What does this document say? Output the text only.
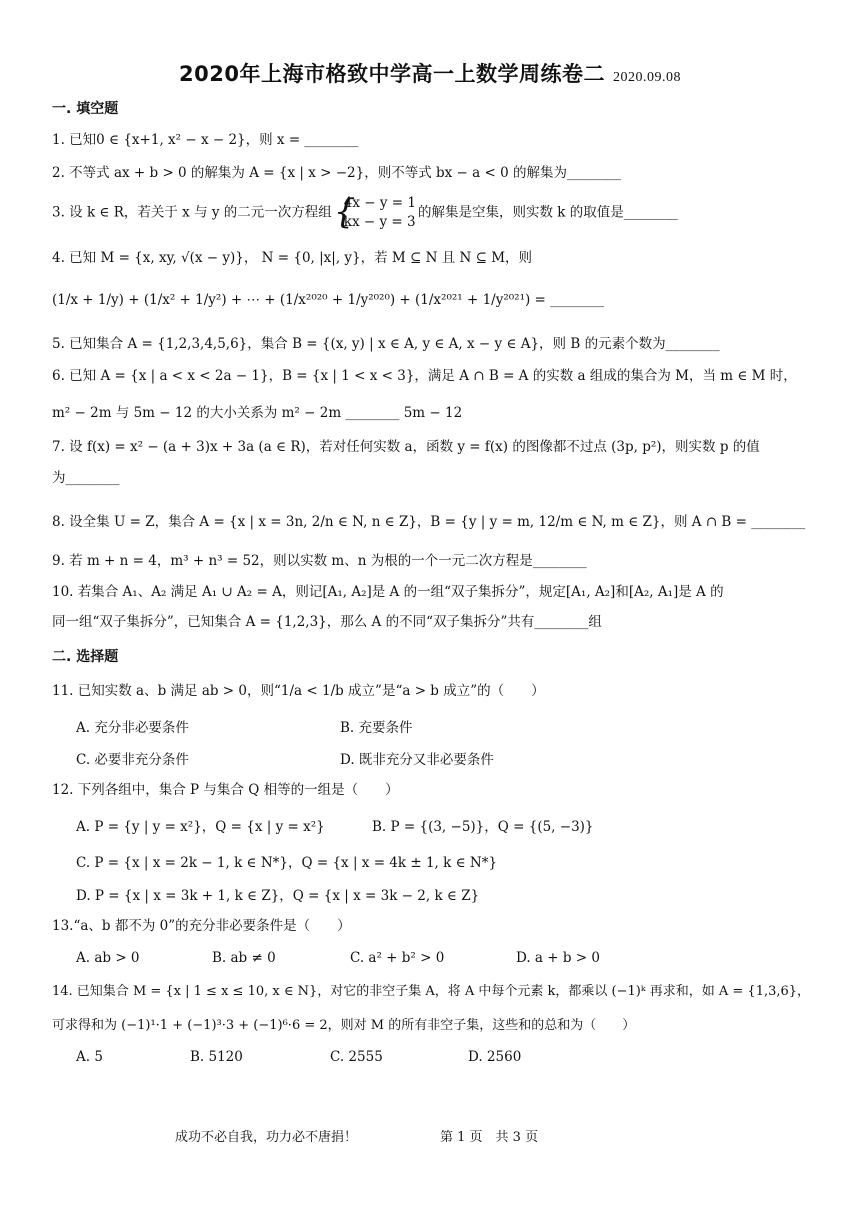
2020年上海市格致中学高一上数学周练卷二 2020.09.08
一. 填空题
1. 已知0 ∈ {x+1, x² − x − 2}，则 x = ________
2. 不等式 ax + b > 0 的解集为 A = {x | x > −2}，则不等式 bx − a < 0 的解集为________
3. 设 k ∈ R，若关于 x 与 y 的二元一次方程组 {
4x − y = 1
kx − y = 3
的解集是空集，则实数 k 的取值是________
4. 已知 M = {x, xy, √(x − y)}， N = {0, |x|, y}，若 M ⊆ N 且 N ⊆ M，则
(1/x + 1/y) + (1/x² + 1/y²) + ⋯ + (1/x²⁰²⁰ + 1/y²⁰²⁰) + (1/x²⁰²¹ + 1/y²⁰²¹) = ________
5. 已知集合 A = {1,2,3,4,5,6}，集合 B = {(x, y) | x ∈ A, y ∈ A, x − y ∈ A}，则 B 的元素个数为________
6. 已知 A = {x | a < x < 2a − 1}，B = {x | 1 < x < 3}，满足 A ∩ B = A 的实数 a 组成的集合为 M，当 m ∈ M 时，
m² − 2m 与 5m − 12 的大小关系为 m² − 2m ________ 5m − 12
7. 设 f(x) = x² − (a + 3)x + 3a (a ∈ R)，若对任何实数 a，函数 y = f(x) 的图像都不过点 (3p, p²)，则实数 p 的值
为________
8. 设全集 U = Z，集合 A = {x | x = 3n, 2/n ∈ N, n ∈ Z}，B = {y | y = m, 12/m ∈ N, m ∈ Z}，则 A ∩ B = ________
9. 若 m + n = 4，m³ + n³ = 52，则以实数 m、n 为根的一个一元二次方程是________
10. 若集合 A₁、A₂ 满足 A₁ ∪ A₂ = A，则记[A₁, A₂]是 A 的一组“双子集拆分”，规定[A₁, A₂]和[A₂, A₁]是 A 的
同一组“双子集拆分”，已知集合 A = {1,2,3}，那么 A 的不同“双子集拆分”共有________组
二. 选择题
11. 已知实数 a、b 满足 ab > 0，则“1/a < 1/b 成立”是“a > b 成立”的（　　）
A. 充分非必要条件	B. 充要条件
C. 必要非充分条件	D. 既非充分又非必要条件
12. 下列各组中，集合 P 与集合 Q 相等的一组是（　　）
A. P = {y | y = x²}，Q = {x | y = x²}	B. P = {(3, −5)}，Q = {(5, −3)}
C. P = {x | x = 2k − 1, k ∈ N*}，Q = {x | x = 4k ± 1, k ∈ N*}
D. P = {x | x = 3k + 1, k ∈ Z}，Q = {x | x = 3k − 2, k ∈ Z}
13.“a、b 都不为 0”的充分非必要条件是（　　）
A. ab > 0	B. ab ≠ 0	C. a² + b² > 0	D. a + b > 0
14. 已知集合 M = {x | 1 ≤ x ≤ 10, x ∈ N}，对它的非空子集 A，将 A 中每个元素 k，都乘以 (−1)ᵏ 再求和，如 A = {1,3,6}，
可求得和为 (−1)¹·1 + (−1)³·3 + (−1)⁶·6 = 2，则对 M 的所有非空子集，这些和的总和为（　　）
A. 5	B. 5120	C. 2555	D. 2560
成功不必自我，功力必不唐捐！	第 1 页　共 3 页
